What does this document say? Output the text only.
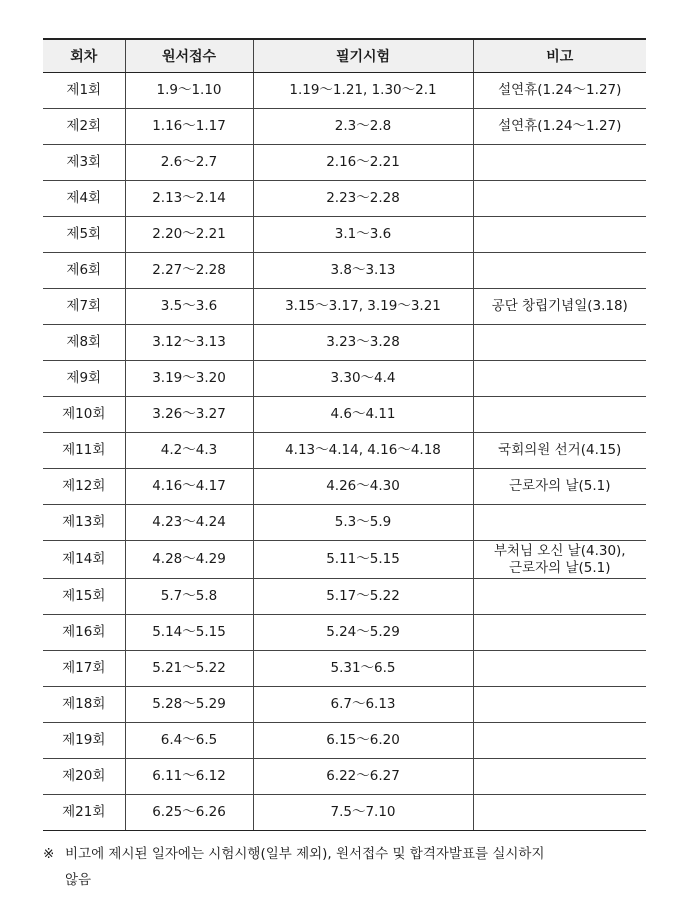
회차	원서접수	필기시험	비고
제1회	1.9～1.10	1.19～1.21, 1.30～2.1	설연휴(1.24～1.27)
제2회	1.16～1.17	2.3～2.8	설연휴(1.24～1.27)
제3회	2.6～2.7	2.16～2.21	
제4회	2.13～2.14	2.23～2.28	
제5회	2.20～2.21	3.1～3.6	
제6회	2.27～2.28	3.8～3.13	
제7회	3.5～3.6	3.15～3.17, 3.19～3.21	공단 창립기념일(3.18)
제8회	3.12～3.13	3.23～3.28	
제9회	3.19～3.20	3.30～4.4	
제10회	3.26～3.27	4.6～4.11	
제11회	4.2～4.3	4.13～4.14, 4.16～4.18	국회의원 선거(4.15)
제12회	4.16～4.17	4.26～4.30	근로자의 날(5.1)
제13회	4.23～4.24	5.3～5.9	
제14회	4.28～4.29	5.11～5.15	부처님 오신 날(4.30),
근로자의 날(5.1)
제15회	5.7～5.8	5.17～5.22	
제16회	5.14～5.15	5.24～5.29	
제17회	5.21～5.22	5.31～6.5	
제18회	5.28～5.29	6.7～6.13	
제19회	6.4～6.5	6.15～6.20	
제20회	6.11～6.12	6.22～6.27	
제21회	6.25～6.26	7.5～7.10	
※ 비고에 제시된 일자에는 시험시행(일부 제외), 원서접수 및 합격자발표를 실시하지
않음
